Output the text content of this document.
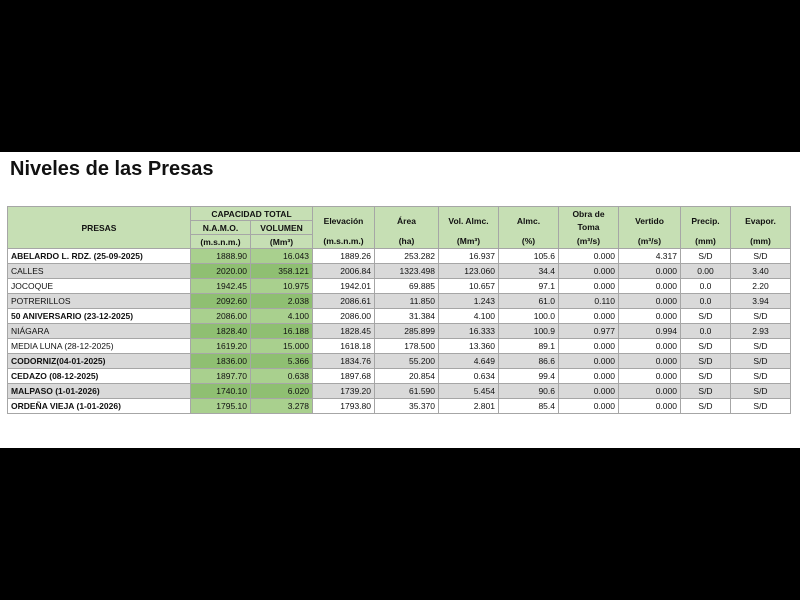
Niveles de las Presas
PRESAS	CAPACIDAD TOTAL		Elevación	Área	Vol. Almc.	Almc.	Obra de Toma	Vertido	Precip.	Evapor.
	N.A.M.O.	VOLUMEN								
	(m.s.n.m.)	(Mm³)	(m.s.n.m.)	(ha)	(Mm³)	(%)	(m³/s)	(m³/s)	(mm)	(mm)
ABELARDO L. RDZ. (25-09-2025)	1888.90	16.043	1889.26	253.282	16.937	105.6	0.000	4.317	S/D	S/D
CALLES	2020.00	358.121	2006.84	1323.498	123.060	34.4	0.000	0.000	0.00	3.40
JOCOQUE	1942.45	10.975	1942.01	69.885	10.657	97.1	0.000	0.000	0.0	2.20
POTRERILLOS	2092.60	2.038	2086.61	11.850	1.243	61.0	0.110	0.000	0.0	3.94
50 ANIVERSARIO (23-12-2025)	2086.00	4.100	2086.00	31.384	4.100	100.0	0.000	0.000	S/D	S/D
NIÁGARA	1828.40	16.188	1828.45	285.899	16.333	100.9	0.977	0.994	0.0	2.93
MEDIA LUNA (28-12-2025)	1619.20	15.000	1618.18	178.500	13.360	89.1	0.000	0.000	S/D	S/D
CODORNIZ(04-01-2025)	1836.00	5.366	1834.76	55.200	4.649	86.6	0.000	0.000	S/D	S/D
CEDAZO (08-12-2025)	1897.70	0.638	1897.68	20.854	0.634	99.4	0.000	0.000	S/D	S/D
MALPASO (1-01-2026)	1740.10	6.020	1739.20	61.590	5.454	90.6	0.000	0.000	S/D	S/D
ORDEÑA VIEJA (1-01-2026)	1795.10	3.278	1793.80	35.370	2.801	85.4	0.000	0.000	S/D	S/D
